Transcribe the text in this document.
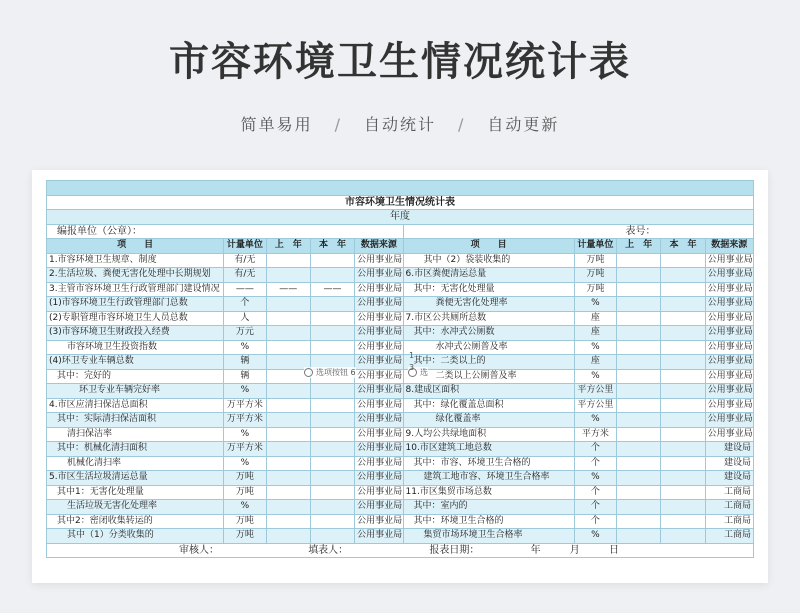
市容环境卫生情况统计表
简单易用 / 自动统计 / 自动更新

市容环境卫生情况统计表									
年度									
编报单位（公章）：					表号：				
项　　目	计量单位	上　年	本　年	数据来源	项　　目	计量单位	上　年	本　年	数据来源
1.市容环境卫生规章、制度	有/无			公用事业局	其中（2）袋装收集的	万吨			公用事业局
2.生活垃圾、粪便无害化处理中长期规划	有/无			公用事业局	6.市区粪便清运总量	万吨			公用事业局
3.主管市容环境卫生行政管理部门建设情况	——	——	——	公用事业局	其中：无害化处理量	万吨			公用事业局
(1)市容环境卫生行政管理部门总数	个			公用事业局	粪便无害化处理率	%			公用事业局
(2)专职管理市容环境卫生人员总数	人			公用事业局	7.市区公共厕所总数	座			公用事业局
(3)市容环境卫生财政投入经费	万元			公用事业局	其中：水冲式公厕数	座			公用事业局
市容环境卫生投资指数	%			公用事业局	水冲式公厕普及率	%			公用事业局
(4)环卫专业车辆总数	辆			公用事业局	其中：二类以上的	座			公用事业局
其中：完好的	辆			公用事业局	二类以上公厕普及率	%			公用事业局
环卫专业车辆完好率	%			公用事业局	8.建成区面积	平方公里			公用事业局
4.市区应清扫保洁总面积	万平方米			公用事业局	其中：绿化覆盖总面积	平方公里			公用事业局
其中：实际清扫保洁面积	万平方米			公用事业局	绿化覆盖率	%			公用事业局
清扫保洁率	%			公用事业局	9.人均公共绿地面积	平方米			公用事业局
其中：机械化清扫面积	万平方米			公用事业局	10.市区建筑工地总数	个			建设局
机械化清扫率	%			公用事业局	其中：市容、环境卫生合格的	个			建设局
5.市区生活垃圾清运总量	万吨			公用事业局	建筑工地市容、环境卫生合格率	%			建设局
其中1：无害化处理量	万吨			公用事业局	11.市区集贸市场总数	个			工商局
生活垃圾无害化处理率	%			公用事业局	其中：室内的	个			工商局
其中2：密闭收集转运的	万吨			公用事业局	其中：环境卫生合格的	个			工商局
其中（1）分类收集的	万吨			公用事业局	集贸市场环境卫生合格率	%			工商局
审核人： 填表人： 报表日期： 年 月 日									
选项按钮 6	选
1
3
